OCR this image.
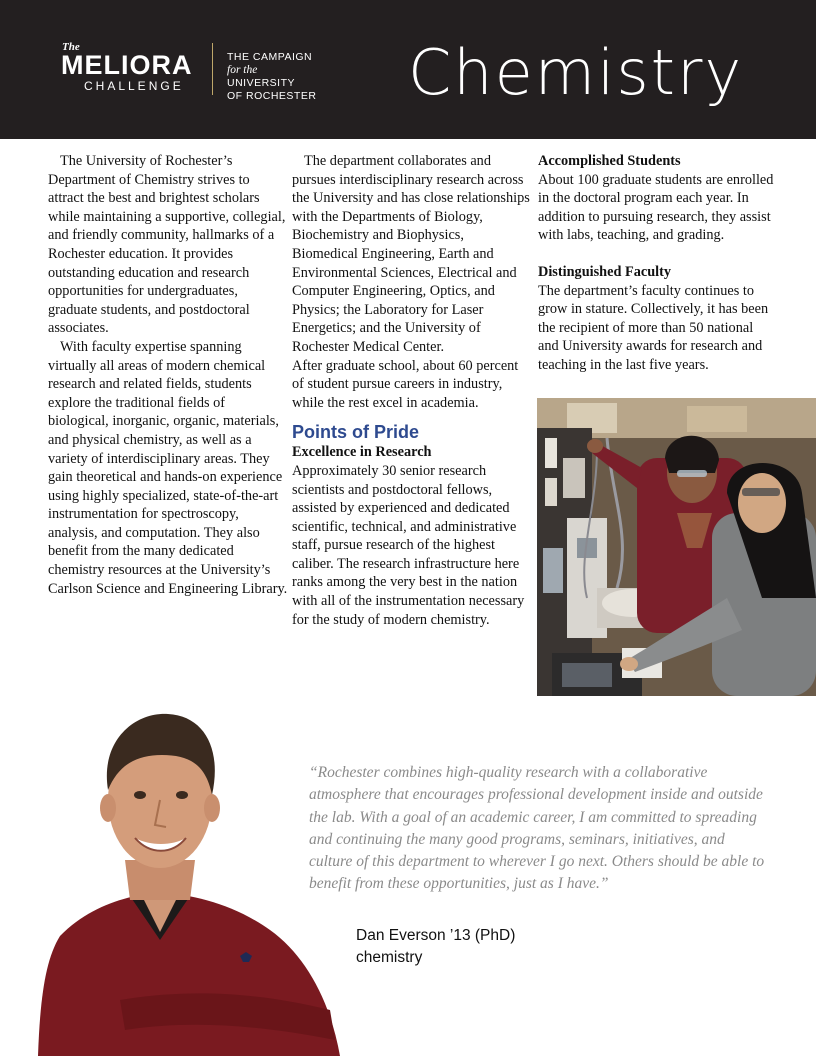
The
MELIORA
CHALLENGE
THE CAMPAIGN
for the UNIVERSITY
OF ROCHESTER Chemistry

The University of Rochester’s Department of Chemistry strives to attract the best and brightest scholars while maintaining a supportive, collegial, and friendly community, hallmarks of a Rochester education. It provides outstanding education and research opportunities for undergraduates, graduate students, and postdoctoral associates.

With faculty expertise spanning virtually all areas of modern chemical research and related fields, students explore the traditional fields of biological, inorganic, organic, materials, and physical chemistry, as well as a variety of interdisciplinary areas. They gain theoretical and hands-on experience using highly specialized, state-of-the-art instrumentation for spectroscopy, analysis, and computation. They also benefit from the many dedicated chemistry resources at the University’s Carlson Science and Engineering Library.

The department collaborates and pursues interdisciplinary research across the University and has close relationships with the Departments of Biology, Biochemistry and Biophysics, Biomedical Engineering, Earth and Environmental Sciences, Electrical and Computer Engineering, Optics, and Physics; the Laboratory for Laser Energetics; and the University of Rochester Medical Center.

After graduate school, about 60 percent of student pursue careers in industry, while the rest excel in academia.

Points of Pride

Excellence in Research

Approximately 30 senior research scientists and postdoctoral fellows, assisted by experienced and dedicated scientific, technical, and administrative staff, pursue research of the highest caliber. The research infrastructure here ranks among the very best in the nation with all of the instrumentation necessary for the study of modern chemistry.

Accomplished Students

About 100 graduate students are enrolled in the doctoral program each year. In addition to pursuing research, they assist with labs, teaching, and grading.

Distinguished Faculty

The department’s faculty continues to grow in stature. Collectively, it has been the recipient of more than 50 national and University awards for research and teaching in the last five years.

“Rochester combines high-quality research with a collaborative atmosphere that encourages professional development inside and outside the lab. With a goal of an academic career, I am committed to spreading and continuing the many good programs, seminars, initiatives, and culture of this department to wherever I go next. Others should be able to benefit from these opportunities, just as I have.”
Dan Everson ’13 (PhD)
chemistry
